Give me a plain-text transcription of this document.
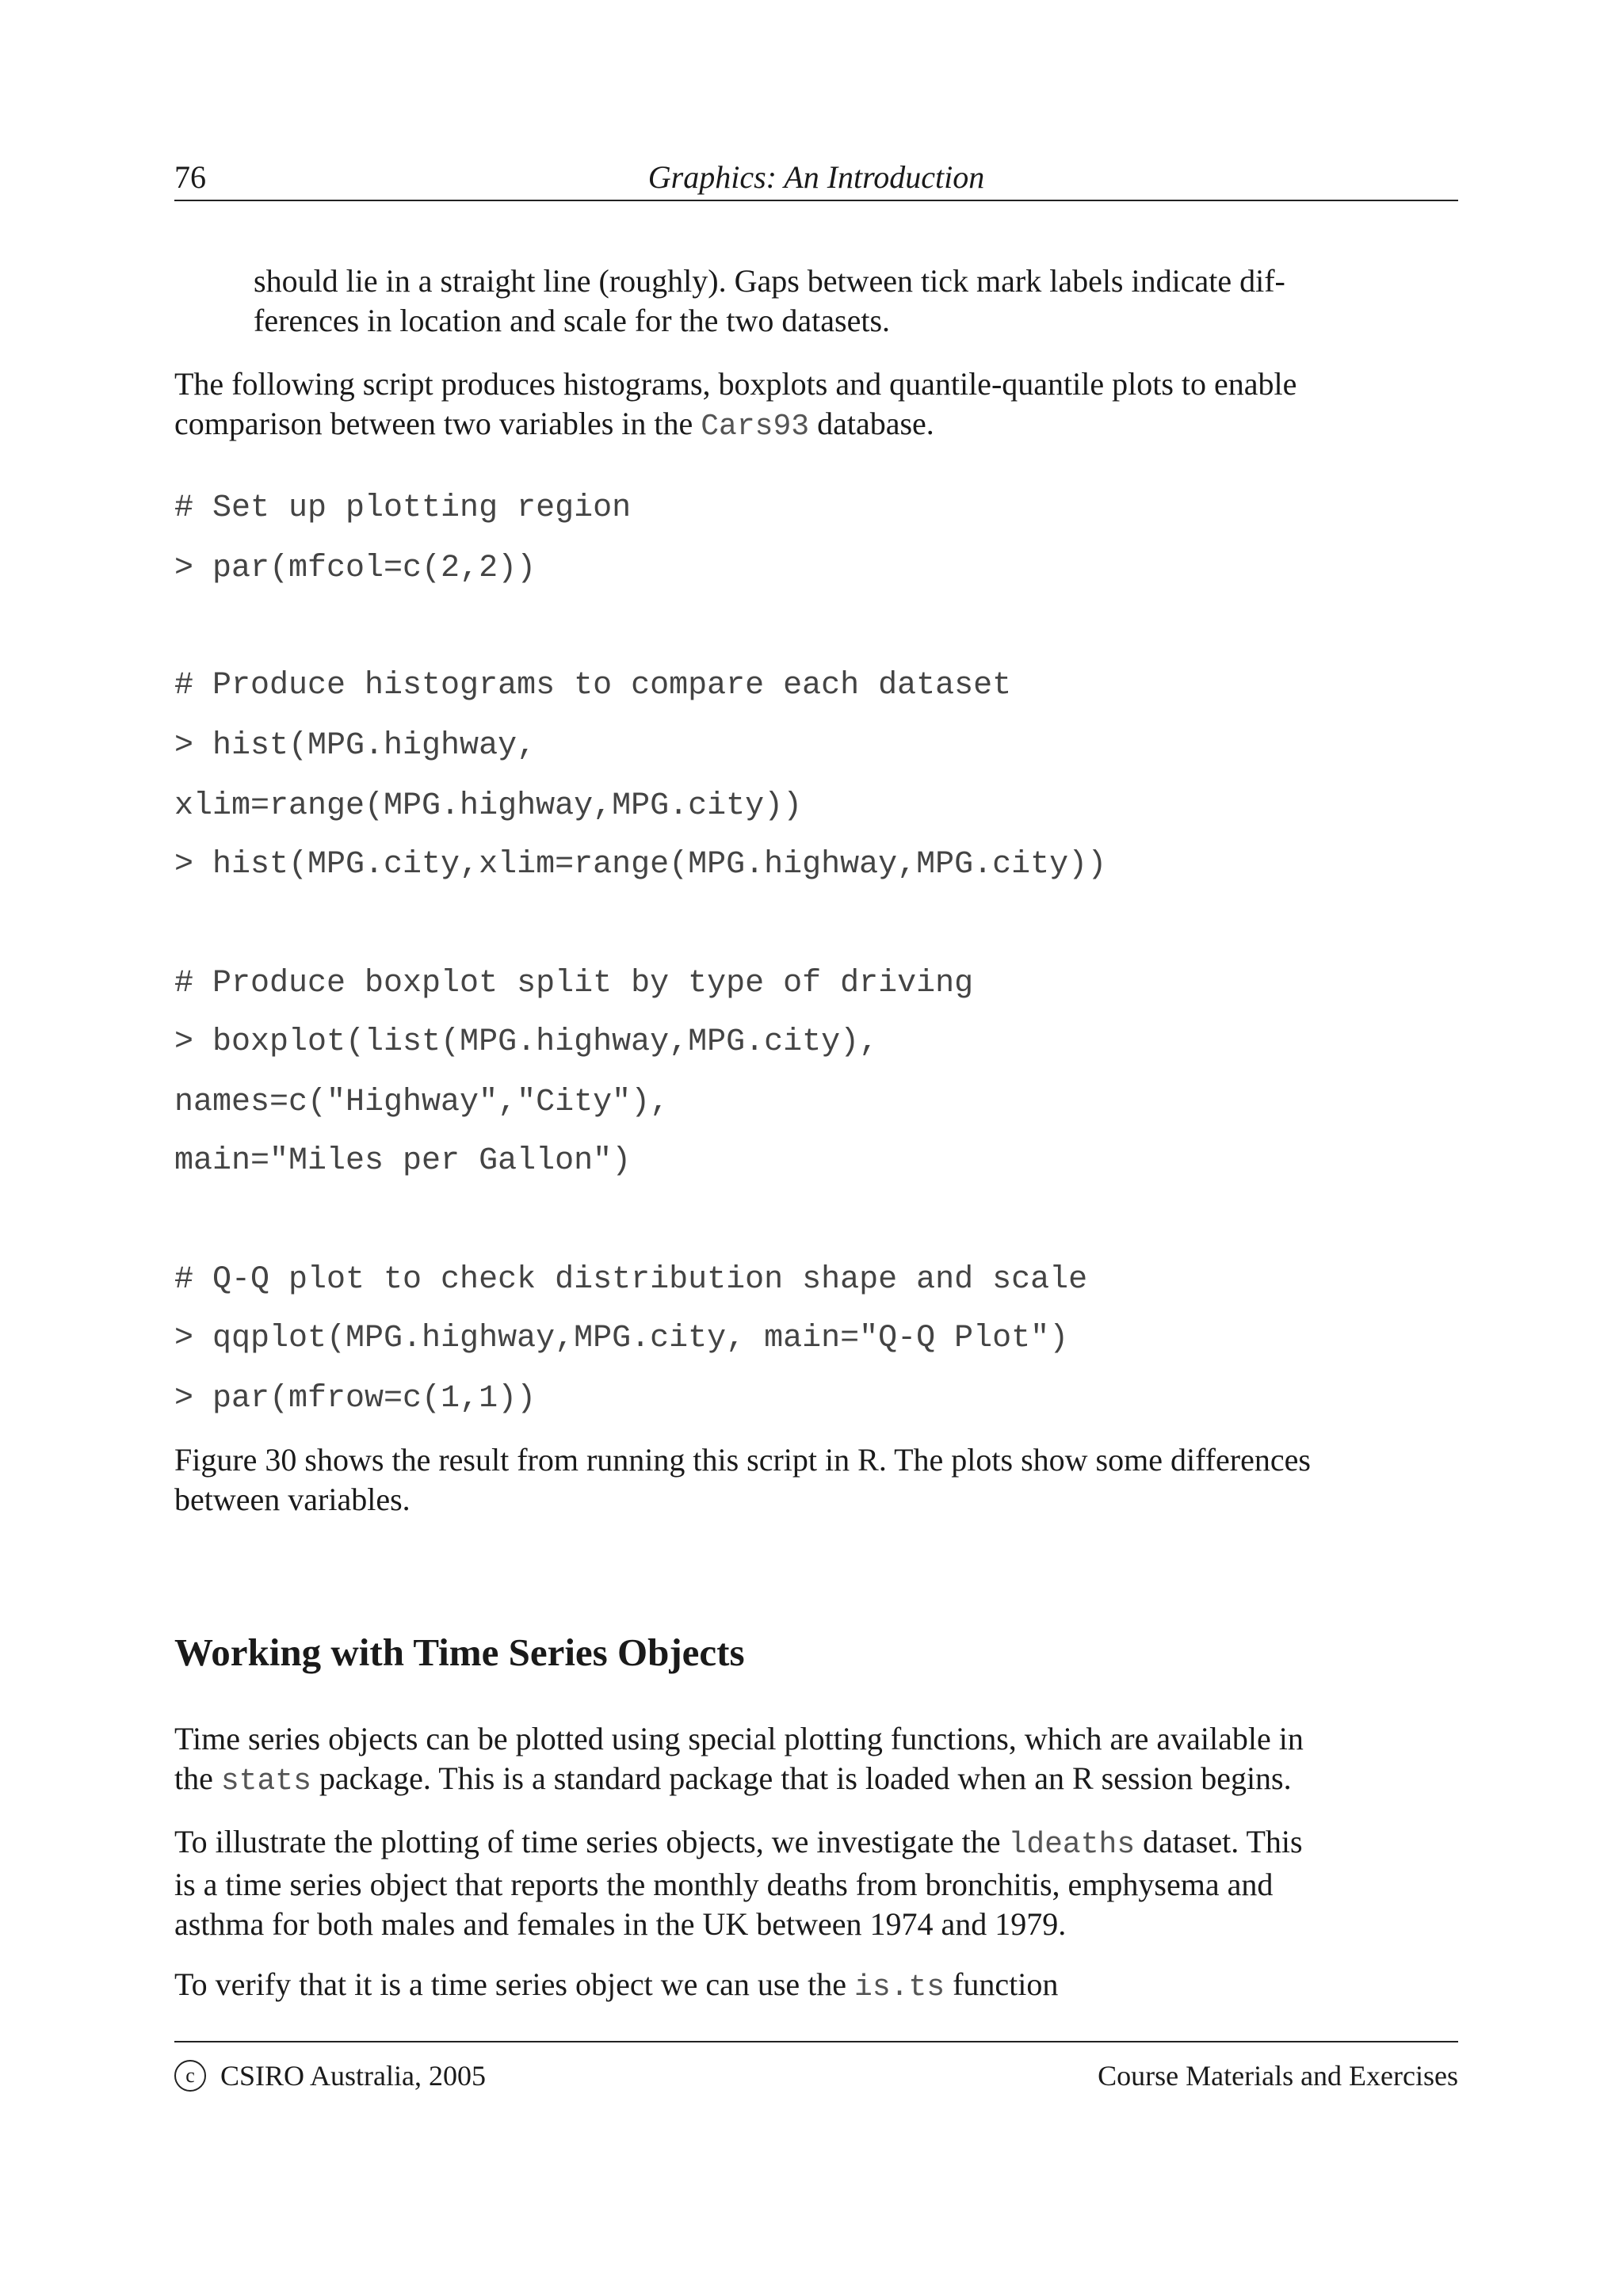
76	Graphics: An Introduction

should lie in a straight line (roughly). Gaps between tick mark labels indicate dif-
ferences in location and scale for the two datasets.

The following script produces histograms, boxplots and quantile-quantile plots to enable
comparison between two variables in the Cars93 database.

# Set up plotting region
> par(mfcol=c(2,2))
# Produce histograms to compare each dataset
> hist(MPG.highway,
xlim=range(MPG.highway,MPG.city))
> hist(MPG.city,xlim=range(MPG.highway,MPG.city))
# Produce boxplot split by type of driving
> boxplot(list(MPG.highway,MPG.city),
names=c("Highway","City"),
main="Miles per Gallon")
# Q-Q plot to check distribution shape and scale
> qqplot(MPG.highway,MPG.city, main="Q-Q Plot")
> par(mfrow=c(1,1))

Figure 30 shows the result from running this script in R. The plots show some differences
between variables.

Working with Time Series Objects

Time series objects can be plotted using special plotting functions, which are available in
the stats package. This is a standard package that is loaded when an R session begins.

To illustrate the plotting of time series objects, we investigate the ldeaths dataset. This
is a time series object that reports the monthly deaths from bronchitis, emphysema and
asthma for both males and females in the UK between 1974 and 1979.

To verify that it is a time series object we can use the is.ts function

c CSIRO Australia, 2005	Course Materials and Exercises
